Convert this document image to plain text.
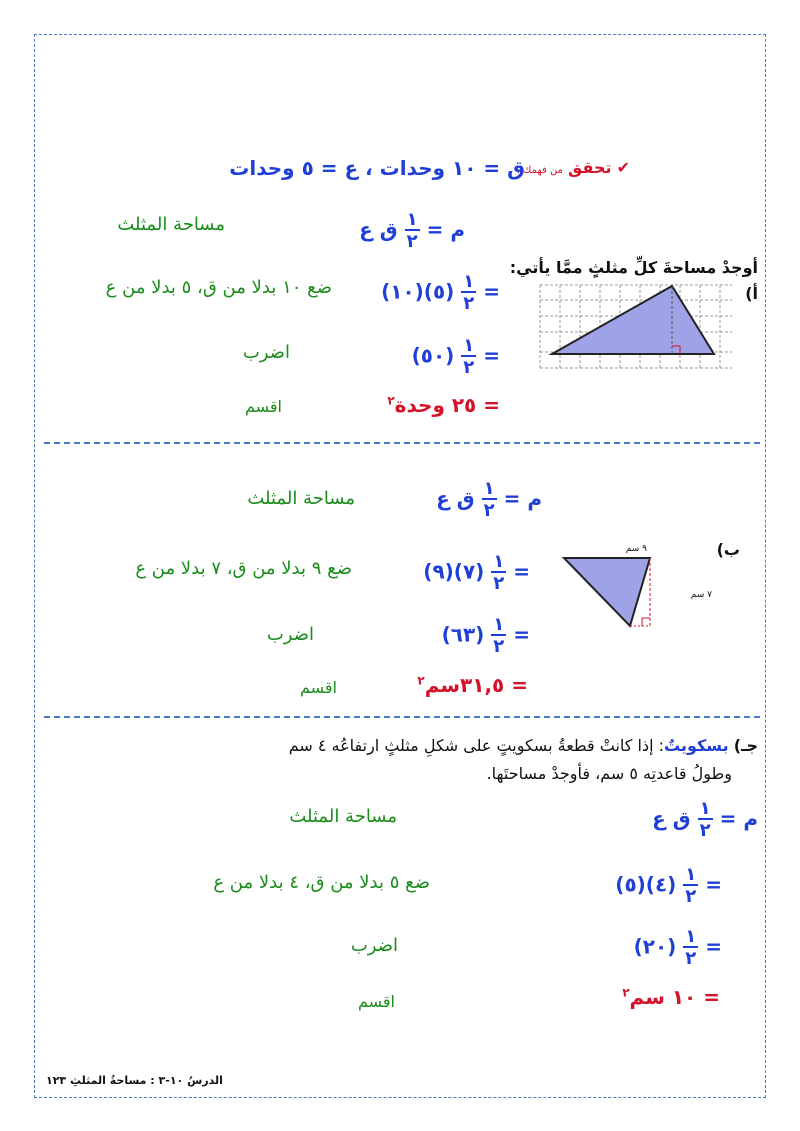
✔ تحقق من فهمك ،
ق = ١٠ وحدات ، ع = ٥ وحدات
أوجدْ مساحةَ كلِّ مثلثٍ ممَّا يأتي:
أ)
م =
$\frac{١}{٢}$
ق ع
مساحة المثلث
=
$\frac{١}{٢}$
(٥)(١٠)
ضع ١٠ بدلا من ق، ٥ بدلا من ع
=
$\frac{١}{٢}$
(٥٠)
اضرب
= ٢٥ وحدة$^٢$
اقسم
ب)
٩ سم
٧ سم
م =
$\frac{١}{٢}$
ق ع
مساحة المثلث
=
$\frac{١}{٢}$
(٧)(٩)
ضع ٩ بدلا من ق، ٧ بدلا من ع
=
$\frac{١}{٢}$
(٦٣)
اضرب
= ٣١,٥سم$^٢$
اقسم
جـ) بسكويتٌ: إذا كانتْ قطعةُ بسكويتٍ على شكلِ مثلثٍ ارتفاعُه ٤ سم
وطولُ قاعدتِه ٥ سم، فأوجدْ مساحتَها.
م =
$\frac{١}{٢}$
ق ع
مساحة المثلث
=
$\frac{١}{٢}$
(٤)(٥)
ضع ٥ بدلا من ق، ٤ بدلا من ع
=
$\frac{١}{٢}$
(٢٠)
اضرب
= ١٠ سم$^٢$
اقسم
الدرسُ ١٠-٣ : مساحةُ المثلثِ ١٢٣
